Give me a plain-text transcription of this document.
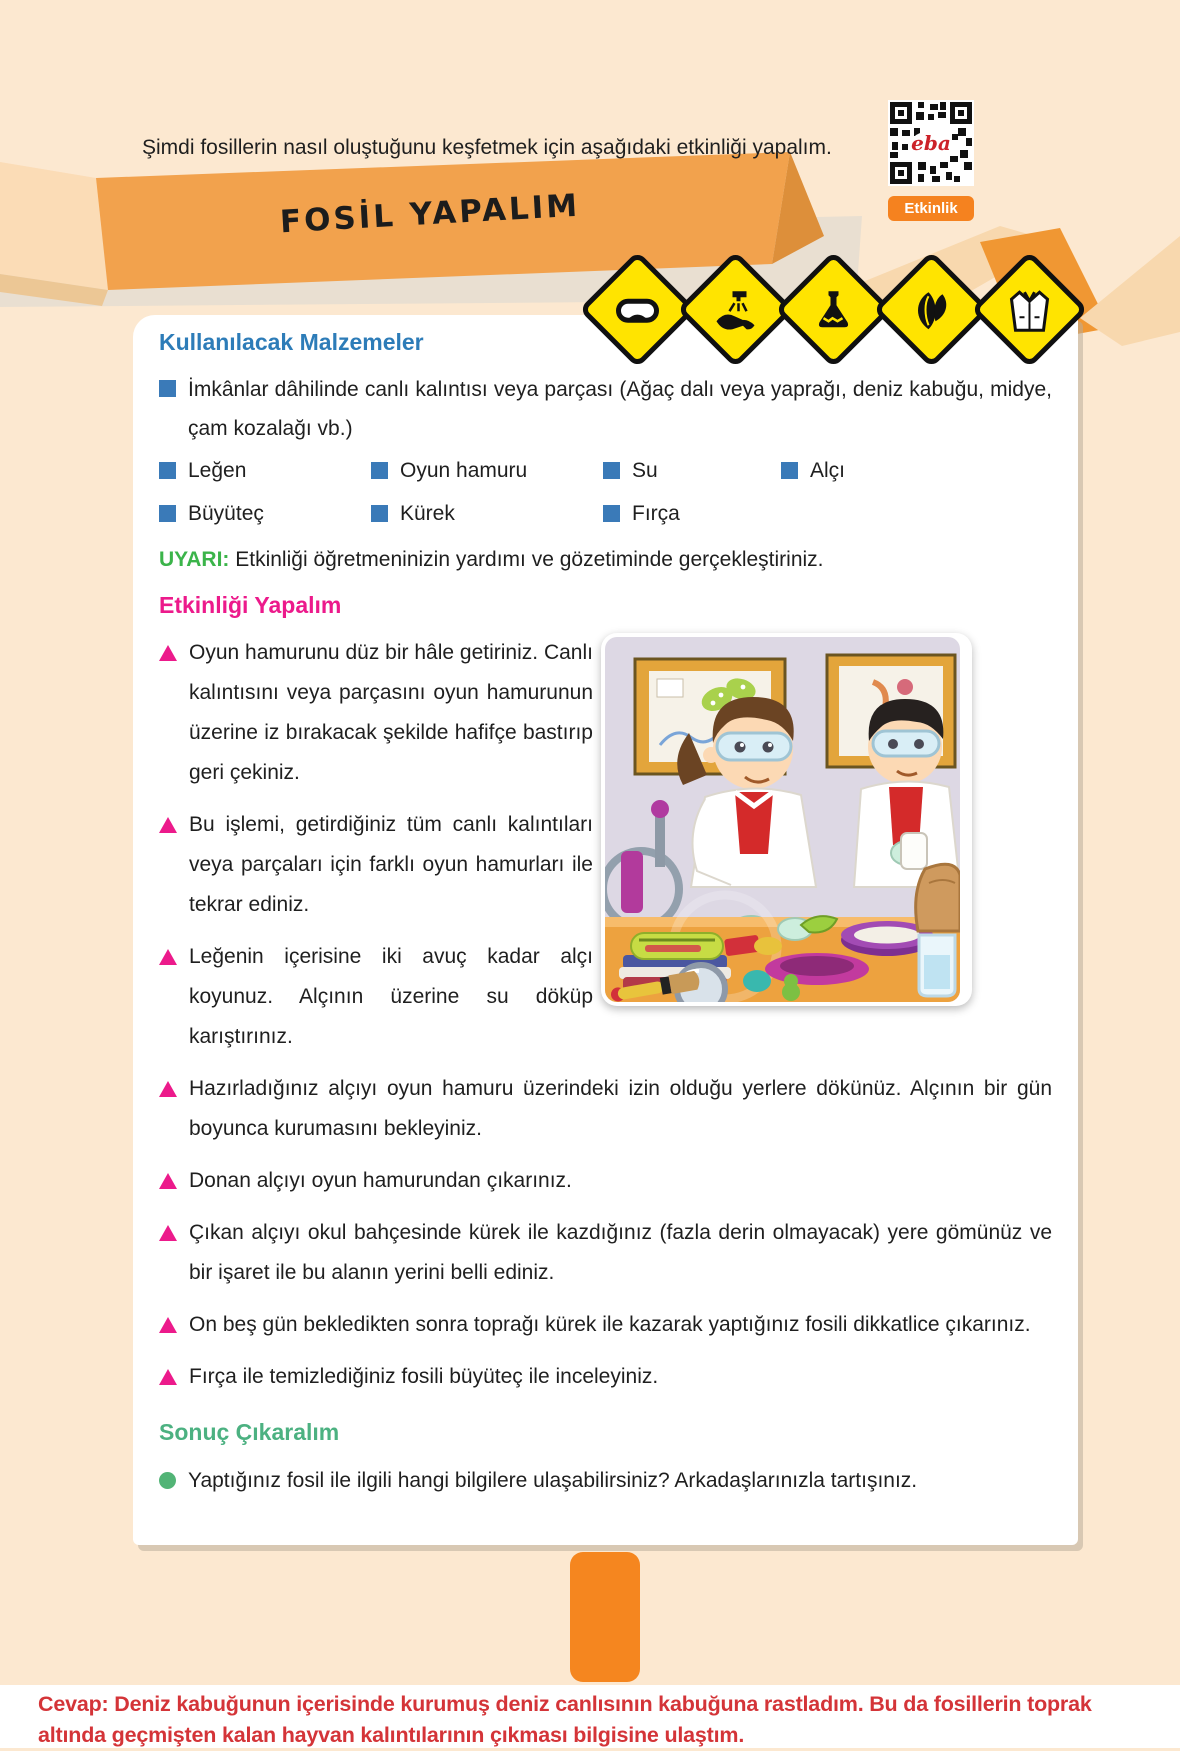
Şimdi fosillerin nasıl oluştuğunu keşfetmek için aşağıdaki etkinliği yapalım.	eba
Etkinlik
FOSİL YAPALIM
Kullanılacak Malzemeler
İmkânlar dâhilinde canlı kalıntısı veya parçası (Ağaç dalı veya yaprağı, deniz kabuğu, midye, çam kozalağı vb.)
Leğen	Oyun hamuru	Su	Alçı
Büyüteç	Kürek	Fırça
UYARI: Etkinliği öğretmeninizin yardımı ve gözetiminde gerçekleştiriniz.
Etkinliği Yapalım
Oyun hamurunu düz bir hâle getiriniz. Canlı kalıntısını veya parçasını oyun hamurunun üzerine iz bırakacak şekilde hafifçe bastırıp geri çekiniz.
Bu işlemi, getirdiğiniz tüm canlı kalıntıları veya parçaları için farklı oyun hamurları ile tekrar ediniz.
Leğenin içerisine iki avuç kadar alçı koyunuz. Alçının üzerine su döküp karıştırınız.
Hazırladığınız alçıyı oyun hamuru üzerindeki izin olduğu yerlere dökünüz. Alçının bir gün boyunca kurumasını bekleyiniz.
Donan alçıyı oyun hamurundan çıkarınız.
Çıkan alçıyı okul bahçesinde kürek ile kazdığınız (fazla derin olmayacak) yere gömünüz ve bir işaret ile bu alanın yerini belli ediniz.
On beş gün bekledikten sonra toprağı kürek ile kazarak yaptığınız fosili dikkatlice çıkarınız.
Fırça ile temizlediğiniz fosili büyüteç ile inceleyiniz.
Sonuç Çıkaralım
Yaptığınız fosil ile ilgili hangi bilgilere ulaşabilirsiniz? Arkadaşlarınızla tartışınız.
Cevap: Deniz kabuğunun içerisinde kurumuş deniz canlısının kabuğuna rastladım. Bu da fosillerin toprak altında geçmişten kalan hayvan kalıntılarının çıkması bilgisine ulaştım.
